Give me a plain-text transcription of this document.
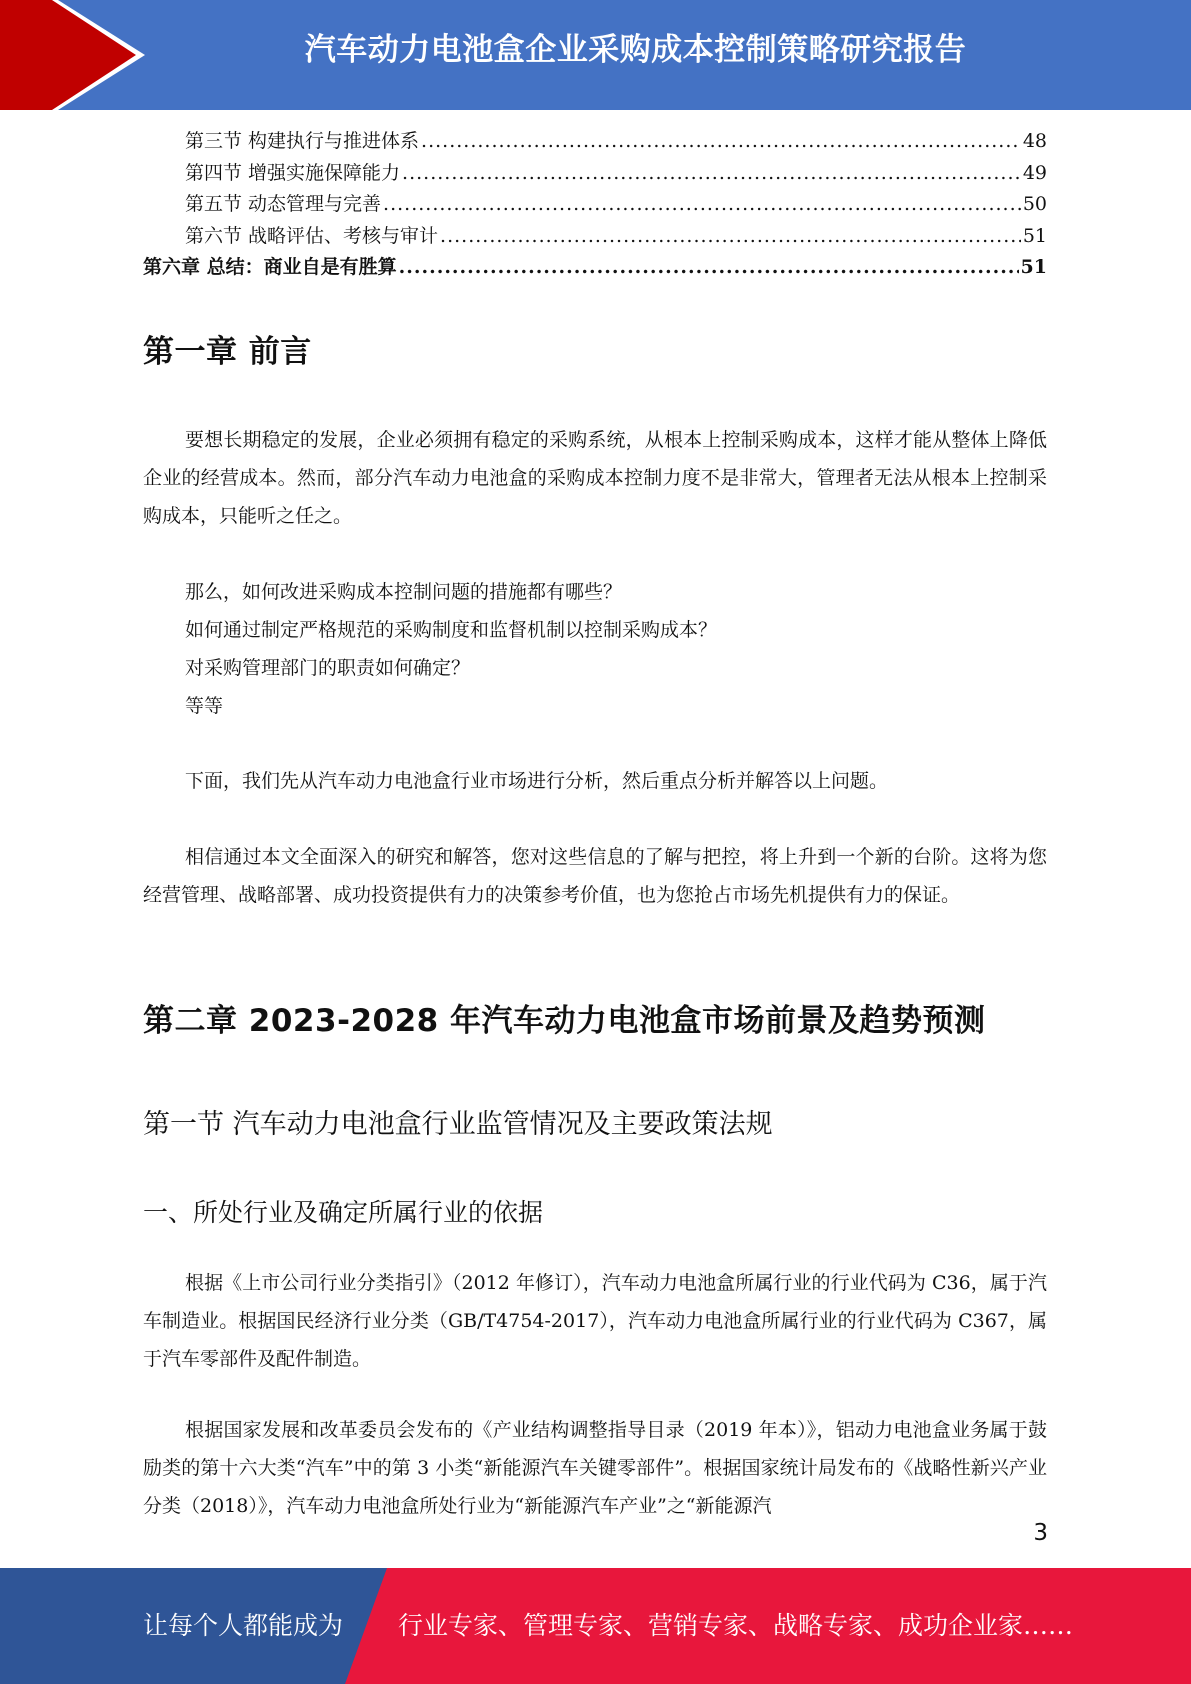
汽车动力电池盒企业采购成本控制策略研究报告
第三节 构建执行与推进体系 .....	48
第四节 增强实施保障能力 .....	49
第五节 动态管理与完善 .....	50
第六节 战略评估、考核与审计 .....	51
第六章 总结：商业自是有胜算 .....	51
第一章 前言

要想长期稳定的发展，企业必须拥有稳定的采购系统，从根本上控制采购成本，这样才能从整体上降低企业的经营成本。然而，部分汽车动力电池盒的采购成本控制力度不是非常大，管理者无法从根本上控制采购成本，只能听之任之。

那么，如何改进采购成本控制问题的措施都有哪些？
如何通过制定严格规范的采购制度和监督机制以控制采购成本？
对采购管理部门的职责如何确定？
等等

下面，我们先从汽车动力电池盒行业市场进行分析，然后重点分析并解答以上问题。

相信通过本文全面深入的研究和解答，您对这些信息的了解与把控，将上升到一个新的台阶。这将为您经营管理、战略部署、成功投资提供有力的决策参考价值，也为您抢占市场先机提供有力的保证。

第二章 2023-2028 年汽车动力电池盒市场前景及趋势预测
第一节 汽车动力电池盒行业监管情况及主要政策法规
一、所处行业及确定所属行业的依据

根据《上市公司行业分类指引》（2012 年修订），汽车动力电池盒所属行业的行业代码为 C36，属于汽车制造业。根据国民经济行业分类（GB/T4754-2017），汽车动力电池盒所属行业的行业代码为 C367，属于汽车零部件及配件制造。

根据国家发展和改革委员会发布的《产业结构调整指导目录（2019 年本）》，铝动力电池盒业务属于鼓励类的第十六大类“汽车”中的第 3 小类“新能源汽车关键零部件”。根据国家统计局发布的《战略性新兴产业分类（2018）》，汽车动力电池盒所处行业为“新能源汽车产业”之“新能源汽

3
让每个人都能成为 行业专家、管理专家、营销专家、战略专家、成功企业家……
